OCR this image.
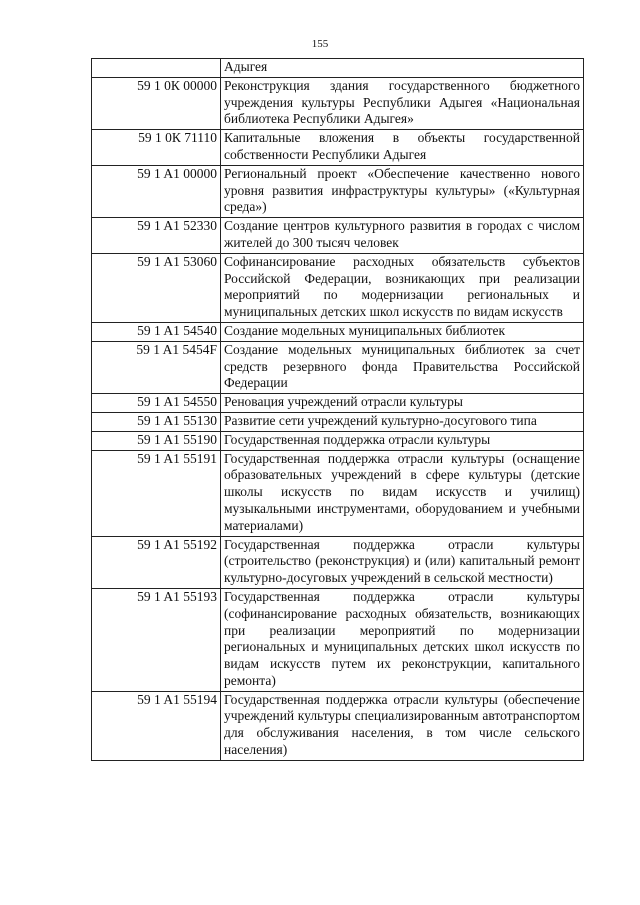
155
	Адыгея
59 1 0К 00000	Реконструкция здания государственного бюджетного учреждения культуры Республики Адыгея «Национальная библиотека Республики Адыгея»
59 1 0К 71110	Капитальные вложения в объекты государственной собственности Республики Адыгея
59 1 A1 00000	Региональный проект «Обеспечение качественно нового уровня развития инфраструктуры культуры» («Культурная среда»)
59 1 A1 52330	Создание центров культурного развития в городах с числом жителей до 300 тысяч человек
59 1 A1 53060	Софинансирование расходных обязательств субъектов Российской Федерации, возникающих при реализации мероприятий по модернизации региональных и муниципальных детских школ искусств по видам искусств
59 1 A1 54540	Создание модельных муниципальных библиотек
59 1 A1 5454F	Создание модельных муниципальных библиотек за счет средств резервного фонда Правительства Российской Федерации
59 1 A1 54550	Реновация учреждений отрасли культуры
59 1 A1 55130	Развитие сети учреждений культурно-досугового типа
59 1 A1 55190	Государственная поддержка отрасли культуры
59 1 A1 55191	Государственная поддержка отрасли культуры (оснащение образовательных учреждений в сфере культуры (детские школы искусств по видам искусств и училищ) музыкальными инструментами, оборудованием и учебными материалами)
59 1 A1 55192	Государственная поддержка отрасли культуры (строительство (реконструкция) и (или) капитальный ремонт культурно-досуговых учреждений в сельской местности)
59 1 A1 55193	Государственная поддержка отрасли культуры (софинансирование расходных обязательств, возникающих при реализации мероприятий по модернизации региональных и муниципальных детских школ искусств по видам искусств путем их реконструкции, капитального ремонта)
59 1 A1 55194	Государственная поддержка отрасли культуры (обеспечение учреждений культуры специализированным автотранспортом для обслуживания населения, в том числе сельского населения)
